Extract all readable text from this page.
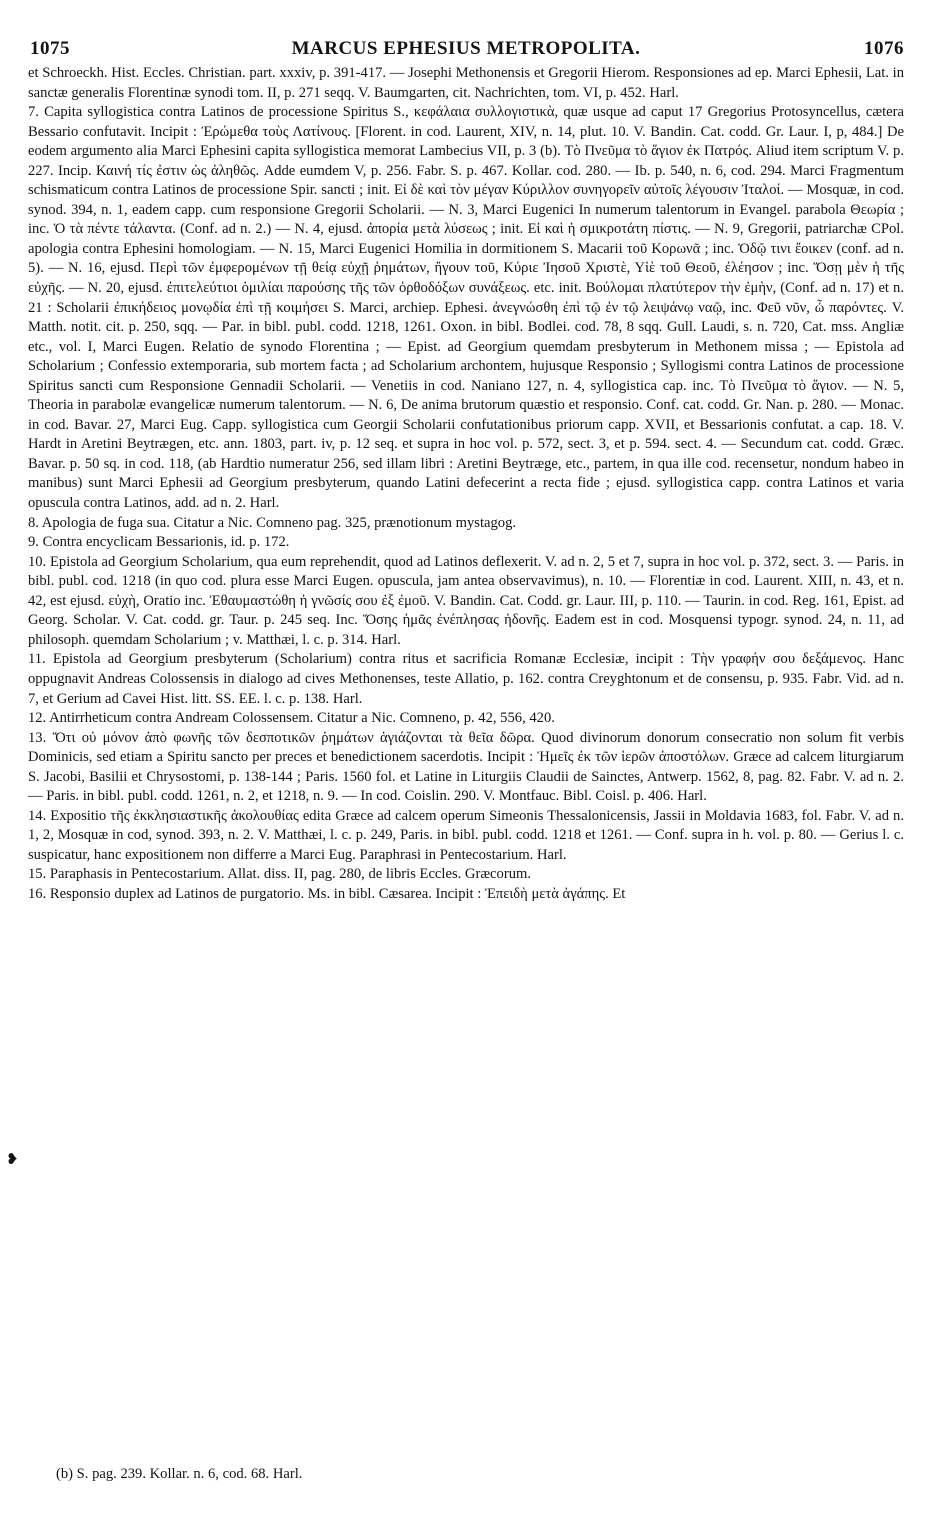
1075	MARCUS EPHESIUS METROPOLITA.	1076

et Schroeckh. Hist. Eccles. Christian. part. xxxiv, p. 391-417. — Josephi Methonensis et Gregorii Hierom. Responsiones ad ep. Marci Ephesii, Lat. in sanctæ generalis Florentinæ synodi tom. II, p. 271 seqq. V. Baumgarten, cit. Nachrichten, tom. VI, p. 452. Harl.

7. Capita syllogistica contra Latinos de processione Spiritus S., κεφάλαια συλλογιστικὰ, quæ usque ad caput 17 Gregorius Protosyncellus, cætera Bessario confutavit. Incipit : Ἐρώμεθα τοὺς Λατίνους. [Florent. in cod. Laurent, XIV, n. 14, plut. 10. V. Bandin. Cat. codd. Gr. Laur. I, p, 484.] De eodem argumento alia Marci Ephesini capita syllogistica memorat Lambecius VII, p. 3 (b). Τὸ Πνεῦμα τὸ ἅγιον ἐκ Πατρός. Aliud item scriptum V. p. 227. Incip. Καινή τίς ἐστιν ὡς ἀληθῶς. Adde eumdem V, p. 256. Fabr. S. p. 467. Kollar. cod. 280. — Ib. p. 540, n. 6, cod. 294. Marci Fragmentum schismaticum contra Latinos de processione Spir. sancti ; init. Εἰ δὲ καὶ τὸν μέγαν Κύριλλον συνηγορεῖν αὐτοῖς λέγουσιν Ἰταλοί. — Mosquæ, in cod. synod. 394, n. 1, eadem capp. cum responsione Gregorii Scholarii. — N. 3, Marci Eugenici In numerum talentorum in Evangel. parabola Θεωρία ; inc. Ὁ τὰ πέντε τάλαντα. (Conf. ad n. 2.) — N. 4, ejusd. ἀπορία μετὰ λύσεως ; init. Εἰ καὶ ἡ σμικροτάτη πίστις. — N. 9, Gregorii, patriarchæ CPol. apologia contra Ephesini homologiam. — N. 15, Marci Eugenici Homilia in dormitionem S. Macarii τοῦ Κορωνᾶ ; inc. Ὁδῷ τινι ἔοικεν (conf. ad n. 5). — N. 16, ejusd. Περὶ τῶν ἐμφερομένων τῇ θείᾳ εὐχῇ ῥημάτων, ἤγουν τοῦ, Κύριε Ἰησοῦ Χριστὲ, Υἱὲ τοῦ Θεοῦ, ἐλέησον ; inc. Ὅσῃ μὲν ἡ τῆς εὐχῆς. — N. 20, ejusd. ἐπιτελεύτιοι ὁμιλίαι παρούσης τῆς τῶν ὀρθοδόξων συνάξεως. etc. init. Βούλομαι πλατύτερον τὴν ἐμὴν, (Conf. ad n. 17) et n. 21 : Scholarii ἐπικήδειος μονῳδία ἐπὶ τῇ κοιμήσει S. Marci, archiep. Ephesi. ἀνεγνώσθη ἐπὶ τῷ ἐν τῷ λειψάνῳ ναῷ, inc. Φεῦ νῦν, ὦ παρόντες. V. Matth. notit. cit. p. 250, sqq. — Par. in bibl. publ. codd. 1218, 1261. Oxon. in bibl. Bodlei. cod. 78, 8 sqq. Gull. Laudi, s. n. 720, Cat. mss. Angliæ etc., vol. I, Marci Eugen. Relatio de synodo Florentina ; — Epist. ad Georgium quemdam presbyterum in Methonem missa ; — Epistola ad Scholarium ; Confessio extemporaria, sub mortem facta ; ad Scholarium archontem, hujusque Responsio ; Syllogismi contra Latinos de processione Spiritus sancti cum Responsione Gennadii Scholarii. — Venetiis in cod. Naniano 127, n. 4, syllogistica cap. inc. Τὸ Πνεῦμα τὸ ἅγιον. — N. 5, Theoria in parabolæ evangelicæ numerum talentorum. — N. 6, De anima brutorum quæstio et responsio. Conf. cat. codd. Gr. Nan. p. 280. — Monac. in cod. Bavar. 27, Marci Eug. Capp. syllogistica cum Georgii Scholarii confutationibus priorum capp. XVII, et Bessarionis confutat. a cap. 18. V. Hardt in Aretini Beytrægen, etc. ann. 1803, part. iv, p. 12 seq. et supra in hoc vol. p. 572, sect. 3, et p. 594. sect. 4. — Secundum cat. codd. Græc. Bavar. p. 50 sq. in cod. 118, (ab Hardtio numeratur 256, sed illam libri : Aretini Beytræge, etc., partem, in qua ille cod. recensetur, nondum habeo in manibus) sunt Marci Ephesii ad Georgium presbyterum, quando Latini defecerint a recta fide ; ejusd. syllogistica capp. contra Latinos et varia opuscula contra Latinos, add. ad n. 2. Harl.

8. Apologia de fuga sua. Citatur a Nic. Comneno pag. 325, prænotionum mystagog.

9. Contra encyclicam Bessarionis, id. p. 172.

10. Epistola ad Georgium Scholarium, qua eum reprehendit, quod ad Latinos deflexerit. V. ad n. 2, 5 et 7, supra in hoc vol. p. 372, sect. 3. — Paris. in bibl. publ. cod. 1218 (in quo cod. plura esse Marci Eugen. opuscula, jam antea observavimus), n. 10. — Florentiæ in cod. Laurent. XIII, n. 43, et n. 42, est ejusd. εὐχὴ, Oratio inc. Ἐθαυμαστώθη ἡ γνῶσίς σου ἐξ ἐμοῦ. V. Bandin. Cat. Codd. gr. Laur. III, p. 110. — Taurin. in cod. Reg. 161, Epist. ad Georg. Scholar. V. Cat. codd. gr. Taur. p. 245 seq. Inc. Ὅσης ἡμᾶς ἐνέπλησας ἡδονῆς. Eadem est in cod. Mosquensi typogr. synod. 24, n. 11, ad philosoph. quemdam Scholarium ; v. Matthæi, l. c. p. 314. Harl.

11. Epistola ad Georgium presbyterum (Scholarium) contra ritus et sacrificia Romanæ Ecclesiæ, incipit : Τὴν γραφήν σου δεξάμενος. Hanc oppugnavit Andreas Colossensis in dialogo ad cives Methonenses, teste Allatio, p. 162. contra Creyghtonum et de consensu, p. 935. Fabr. Vid. ad n. 7, et Gerium ad Cavei Hist. litt. SS. EE. l. c. p. 138. Harl.

12. Antirrheticum contra Andream Colossensem. Citatur a Nic. Comneno, p. 42, 556, 420.

13. Ὅτι οὐ μόνον ἀπὸ φωνῆς τῶν δεσποτικῶν ῥημάτων ἁγιάζονται τὰ θεῖα δῶρα. Quod divinorum donorum consecratio non solum fit verbis Dominicis, sed etiam a Spiritu sancto per preces et benedictionem sacerdotis. Incipit : Ἡμεῖς ἐκ τῶν ἱερῶν ἀποστόλων. Græce ad calcem liturgiarum S. Jacobi, Basilii et Chrysostomi, p. 138-144 ; Paris. 1560 fol. et Latine in Liturgiis Claudii de Sainctes, Antwerp. 1562, 8, pag. 82. Fabr. V. ad n. 2. — Paris. in bibl. publ. codd. 1261, n. 2, et 1218, n. 9. — In cod. Coislin. 290. V. Montfauc. Bibl. Coisl. p. 406. Harl.

14. Expositio τῆς ἐκκλησιαστικῆς ἀκολουθίας edita Græce ad calcem operum Simeonis Thessalonicensis, Jassii in Moldavia 1683, fol. Fabr. V. ad n. 1, 2, Mosquæ in cod, synod. 393, n. 2. V. Matthæi, l. c. p. 249, Paris. in bibl. publ. codd. 1218 et 1261. — Conf. supra in h. vol. p. 80. — Gerius l. c. suspicatur, hanc expositionem non differre a Marci Eug. Paraphrasi in Pentecostarium. Harl.

15. Paraphasis in Pentecostarium. Allat. diss. II, pag. 280, de libris Eccles. Græcorum.

16. Responsio duplex ad Latinos de purgatorio. Ms. in bibl. Cæsarea. Incipit : Ἐπειδὴ μετὰ ἀγάπης. Et

❥
(b) S. pag. 239. Kollar. n. 6, cod. 68. Harl.
